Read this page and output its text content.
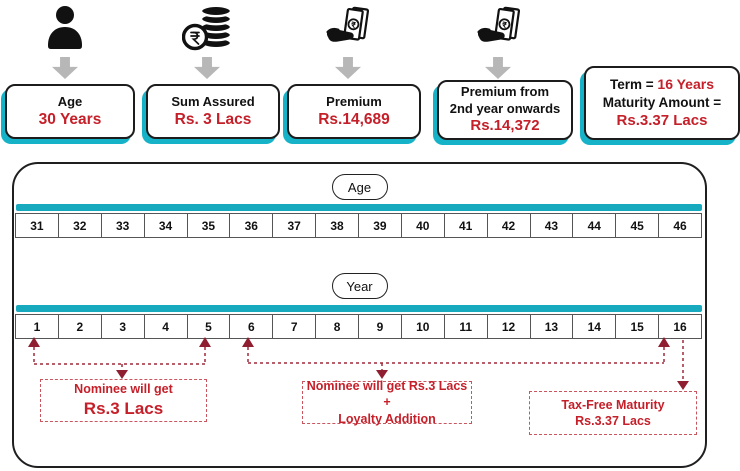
Age
30 Years
Sum Assured
Rs. 3 Lacs
Premium
Rs.14,689
Premium from
2nd year onwards
Rs.14,372
Term = 16 Years
Maturity Amount =
Rs.3.37 Lacs
Age
31	32	33	34	35	36	37	38	39	40	41	42	43	44	45	46
Year
1	2	3	4	5	6	7	8	9	10	11	12	13	14	15	16
Nominee will get
Rs.3 Lacs
Nominee will get Rs.3 Lacs +
Loyalty Addition
Tax-Free Maturity
Rs.3.37 Lacs
